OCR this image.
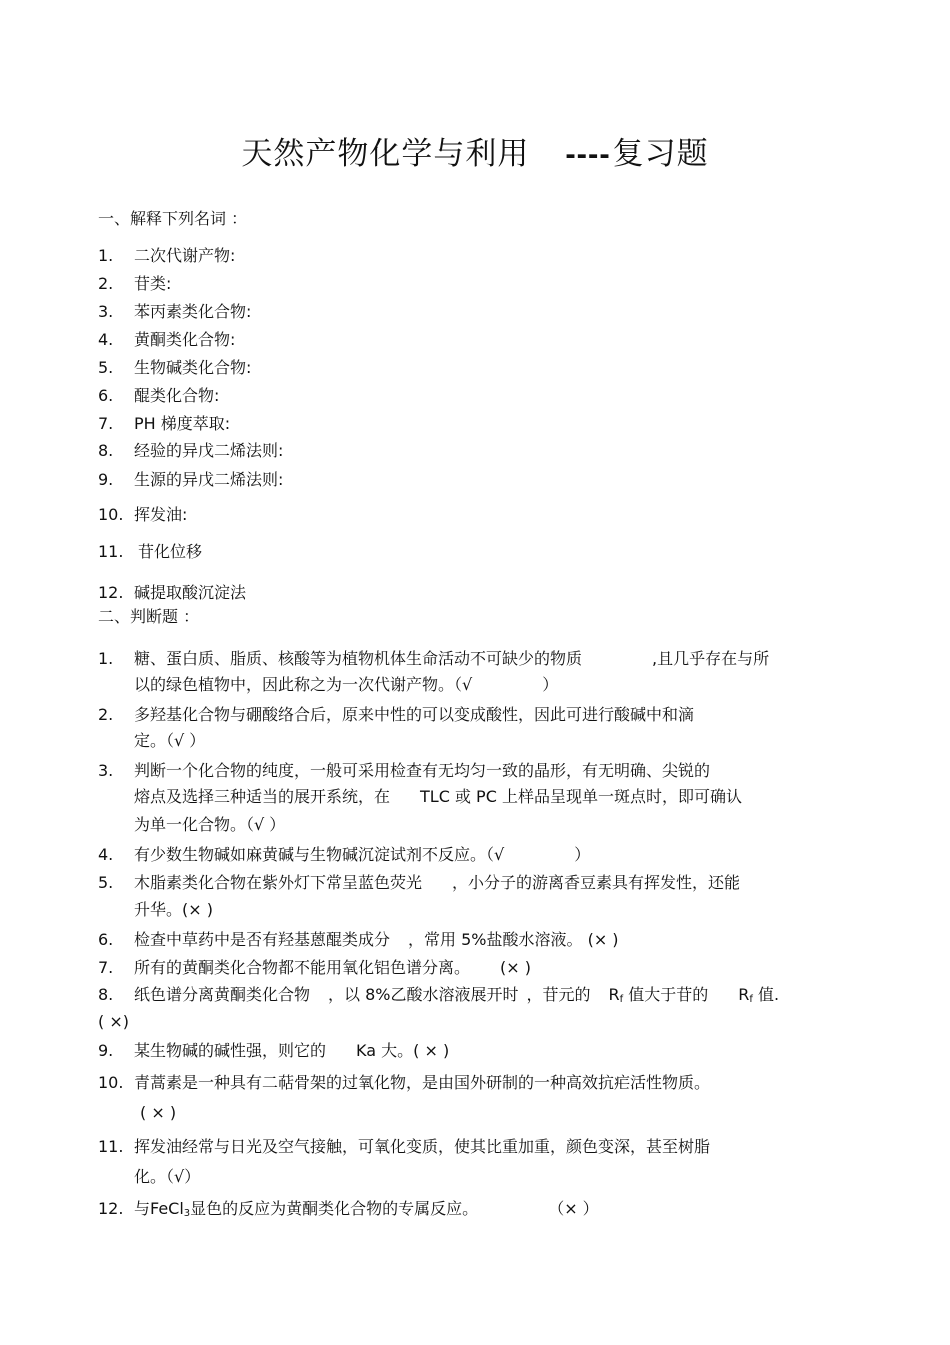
天然产物化学与利用 ----复习题
一、解释下列名词 ：
1. 二次代谢产物:
2. 苷类:
3. 苯丙素类化合物:
4. 黄酮类化合物:
5. 生物碱类化合物:
6. 醌类化合物:
7. PH 梯度萃取:
8. 经验的异戊二烯法则:
9. 生源的异戊二烯法则:
10. 挥发油:
11. 苷化位移
12. 碱提取酸沉淀法
二、判断题 ：
1. 糖、蛋白质、脂质、核酸等为植物机体生命活动不可缺少的物质	,且几乎存在与所
以的绿色植物中，因此称之为一次代谢产物。（√	）
2. 多羟基化合物与硼酸络合后，原来中性的可以变成酸性，因此可进行酸碱中和滴
定。（√ ）
3. 判断一个化合物的纯度，一般可采用检查有无均匀一致的晶形，有无明确、尖锐的
熔点及选择三种适当的展开系统，在 TLC 或 PC 上样品呈现单一斑点时，即可确认
为单一化合物。（√ ）
4. 有少数生物碱如麻黄碱与生物碱沉淀试剂不反应。（√	）
5. 木脂素类化合物在紫外灯下常呈蓝色荧光 ，小分子的游离香豆素具有挥发性，还能
升华。(× )
6. 检查中草药中是否有羟基蒽醌类成分 ，常用 5%盐酸水溶液。 (× )
7. 所有的黄酮类化合物都不能用氧化铝色谱分离。 (× )
8. 纸色谱分离黄酮类化合物 ，以 8%乙酸水溶液展开时 ，苷元的 $R_f$ 值大于苷的 $R_f$ 值.
( ×)
9. 某生物碱的碱性强，则它的 Ka 大。( × )
10. 青蒿素是一种具有二萜骨架的过氧化物，是由国外研制的一种高效抗疟活性物质。
( × )
11. 挥发油经常与日光及空气接触，可氧化变质，使其比重加重，颜色变深，甚至树脂
化。（√）
12. 与FeCl$_3$显色的反应为黄酮类化合物的专属反应。	（× ）
